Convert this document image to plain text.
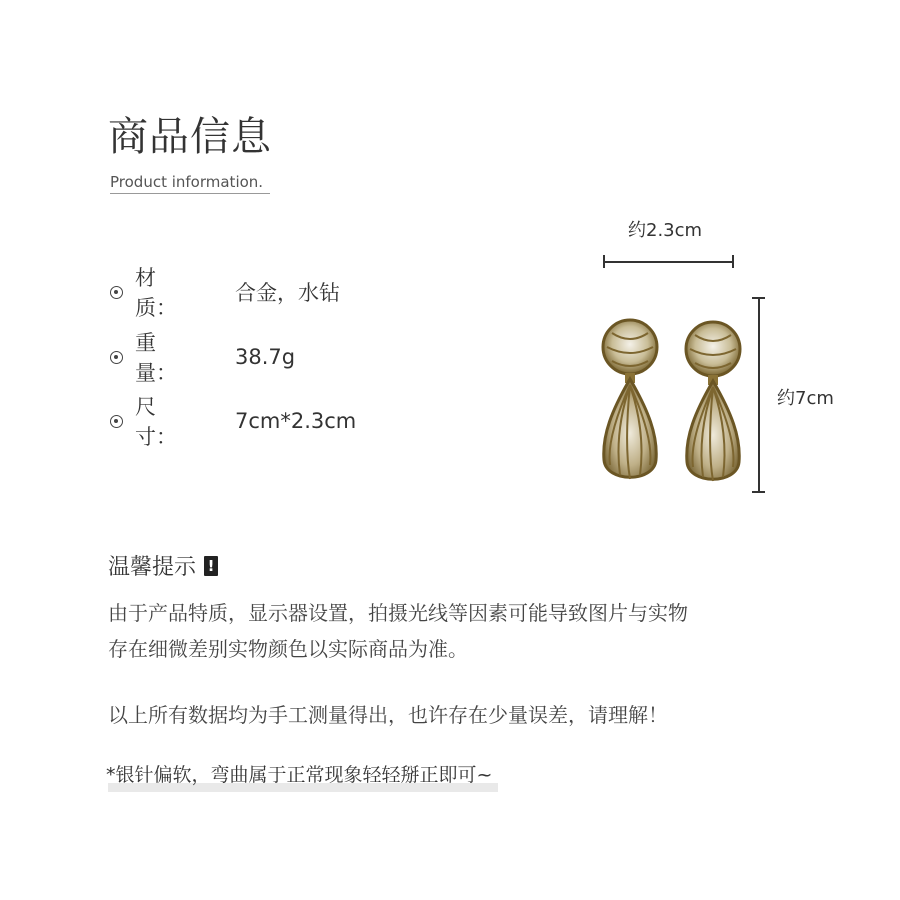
商品信息
Product information.
材　　质：
合金，水钻
重　　量：
38.7g
尺　　寸：
7cm*2.3cm
约2.3cm
约7cm
温馨提示 !
由于产品特质，显示器设置，拍摄光线等因素可能导致图片与实物
存在细微差别实物颜色以实际商品为准。
以上所有数据均为手工测量得出，也许存在少量误差，请理解！
*银针偏软，弯曲属于正常现象轻轻掰正即可~
